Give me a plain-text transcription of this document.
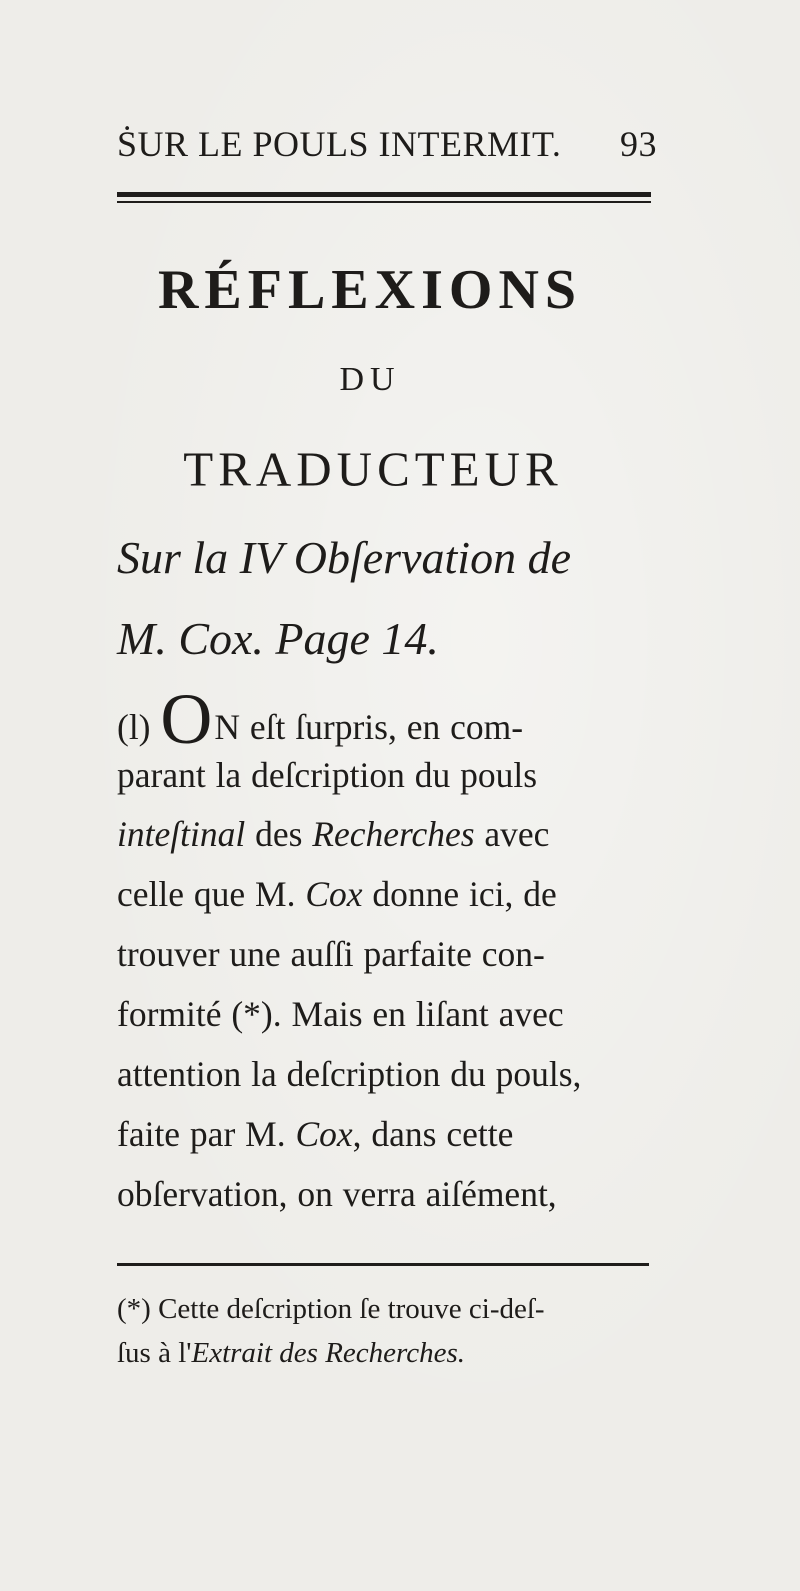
ṠUR LE POULS INTERMIT. 93
RÉFLEXIONS
DU
TRADUCTEUR
Sur la IV Obſervation de
M. Cox. Page 14.
(l) ON eſt ſurpris, en com-
parant la deſcription du pouls
inteſtinal des Recherches avec
celle que M. Cox donne ici, de
trouver une auſſi parfaite con-
formité (*). Mais en liſant avec
attention la deſcription du pouls,
faite par M. Cox, dans cette
obſervation, on verra aiſément,
(*) Cette deſcription ſe trouve ci-deſ-
ſus à l'Extrait des Recherches.
